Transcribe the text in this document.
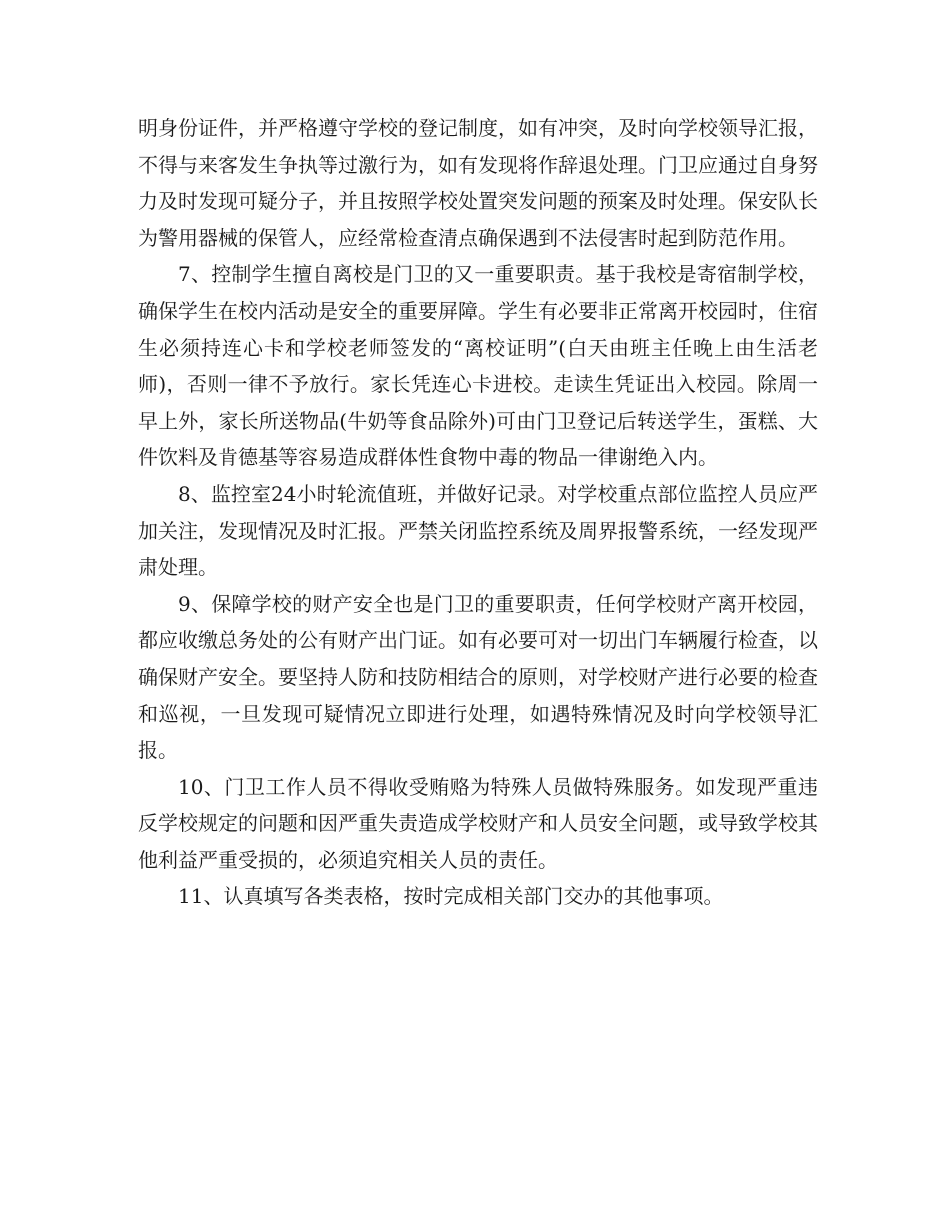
明身份证件，并严格遵守学校的登记制度，如有冲突，及时向学校领导汇报，不得与来客发生争执等过激行为，如有发现将作辞退处理。门卫应通过自身努力及时发现可疑分子，并且按照学校处置突发问题的预案及时处理。保安队长为警用器械的保管人，应经常检查清点确保遇到不法侵害时起到防范作用。

7、控制学生擅自离校是门卫的又一重要职责。基于我校是寄宿制学校，确保学生在校内活动是安全的重要屏障。学生有必要非正常离开校园时，住宿生必须持连心卡和学校老师签发的“离校证明”(白天由班主任晚上由生活老师)，否则一律不予放行。家长凭连心卡进校。走读生凭证出入校园。除周一早上外，家长所送物品(牛奶等食品除外)可由门卫登记后转送学生，蛋糕、大件饮料及肯德基等容易造成群体性食物中毒的物品一律谢绝入内。

8、监控室24小时轮流值班，并做好记录。对学校重点部位监控人员应严加关注，发现情况及时汇报。严禁关闭监控系统及周界报警系统，一经发现严肃处理。

9、保障学校的财产安全也是门卫的重要职责，任何学校财产离开校园，都应收缴总务处的公有财产出门证。如有必要可对一切出门车辆履行检查，以确保财产安全。要坚持人防和技防相结合的原则，对学校财产进行必要的检查和巡视，一旦发现可疑情况立即进行处理，如遇特殊情况及时向学校领导汇报。

10、门卫工作人员不得收受贿赂为特殊人员做特殊服务。如发现严重违反学校规定的问题和因严重失责造成学校财产和人员安全问题，或导致学校其他利益严重受损的，必须追究相关人员的责任。

11、认真填写各类表格，按时完成相关部门交办的其他事项。
